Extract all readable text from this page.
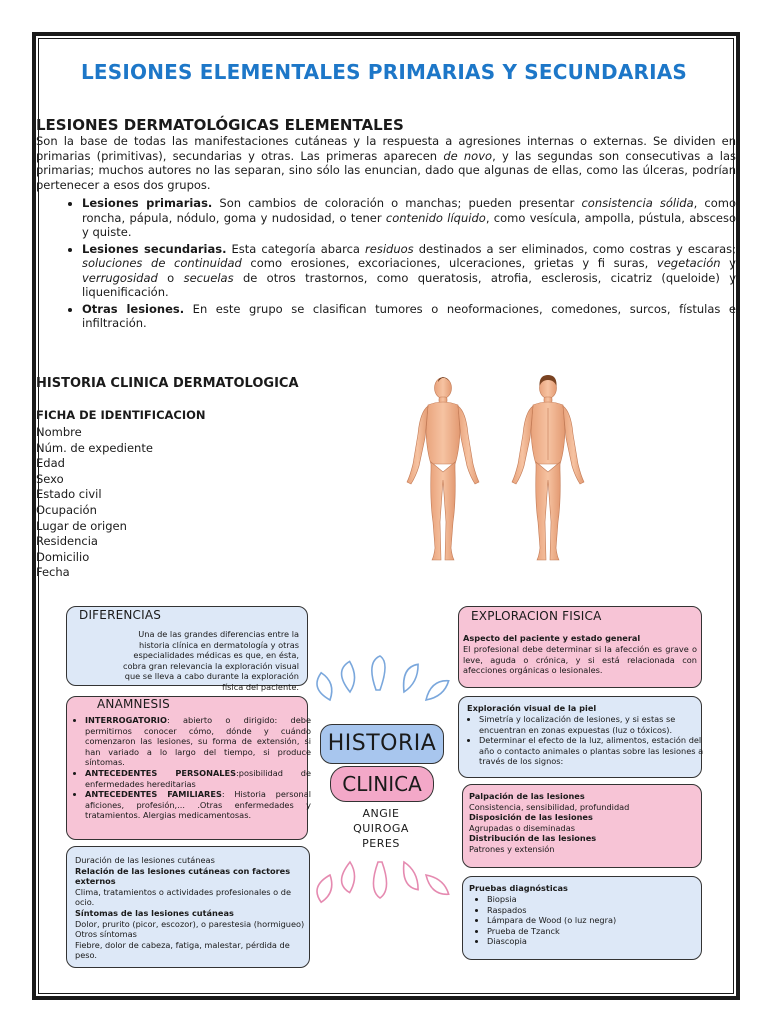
LESIONES ELEMENTALES PRIMARIAS Y SECUNDARIAS
LESIONES DERMATOLÓGICAS ELEMENTALES

Son la base de todas las manifestaciones cutáneas y la respuesta a agresiones internas o externas. Se dividen en primarias (primitivas), secundarias y otras. Las primeras aparecen de novo, y las segundas son consecutivas a las primarias; muchos autores no las separan, sino sólo las enuncian, dado que algunas de ellas, como las úlceras, podrían pertenecer a esos dos grupos.

• Lesiones primarias. Son cambios de coloración o manchas; pueden presentar consistencia sólida, como roncha, pápula, nódulo, goma y nudosidad, o tener contenido líquido, como vesícula, ampolla, pústula, absceso y quiste.
• Lesiones secundarias. Esta categoría abarca residuos destinados a ser eliminados, como costras y escaras; soluciones de continuidad como erosiones, excoriaciones, ulceraciones, grietas y fi suras, vegetación y verrugosidad o secuelas de otros trastornos, como queratosis, atrofia, esclerosis, cicatriz (queloide) y liquenificación.
• Otras lesiones. En este grupo se clasifican tumores o neoformaciones, comedones, surcos, fístulas e infiltración.
HISTORIA CLINICA DERMATOLOGICA
FICHA DE IDENTIFICACION
Nombre
Núm. de expediente
Edad
Sexo
Estado civil
Ocupación
Lugar de origen
Residencia
Domicilio
Fecha
HISTORIA
CLINICA
ANGIE
QUIROGA
PERES
DIFERENCIAS

Una de las grandes diferencias entre la historia clínica en dermatología y otras especialidades médicas es que, en ésta, cobra gran relevancia la exploración visual que se lleva a cabo durante la exploración física del paciente.

ANAMNESIS
• INTERROGATORIO: abierto o dirigido: debe permitirnos conocer cómo, dónde y cuándo comenzaron las lesiones, su forma de extensión, si han variado a lo largo del tiempo, si produce síntomas.
• ANTECEDENTES PERSONALES:posibilidad de enfermedades hereditarias
• ANTECEDENTES FAMILIARES: Historia personal aficiones, profesión,... .Otras enfermedades y tratamientos. Alergias medicamentosas.

Duración de las lesiones cutáneas

Relación de las lesiones cutáneas con factores externos

Clima, tratamientos o actividades profesionales o de ocio.

Síntomas de las lesiones cutáneas

Dolor, prurito (picor, escozor), o parestesia (hormigueo)

Otros síntomas

Fiebre, dolor de cabeza, fatiga, malestar, pérdida de peso.

EXPLORACION FISICA

Aspecto del paciente y estado general

El profesional debe determinar si la afección es grave o leve, aguda o crónica, y si está relacionada con afecciones orgánicas o lesionales.

Exploración visual de la piel

• Simetría y localización de lesiones, y si estas se encuentran en zonas expuestas (luz o tóxicos).
• Determinar el efecto de la luz, alimentos, estación del año o contacto animales o plantas sobre las lesiones a través de los signos:

Palpación de las lesiones

Consistencia, sensibilidad, profundidad

Disposición de las lesiones

Agrupadas o diseminadas

Distribución de las lesiones

Patrones y extensión

Pruebas diagnósticas

• Biopsia
• Raspados
• Lámpara de Wood (o luz negra)
• Prueba de Tzanck
• Diascopia
